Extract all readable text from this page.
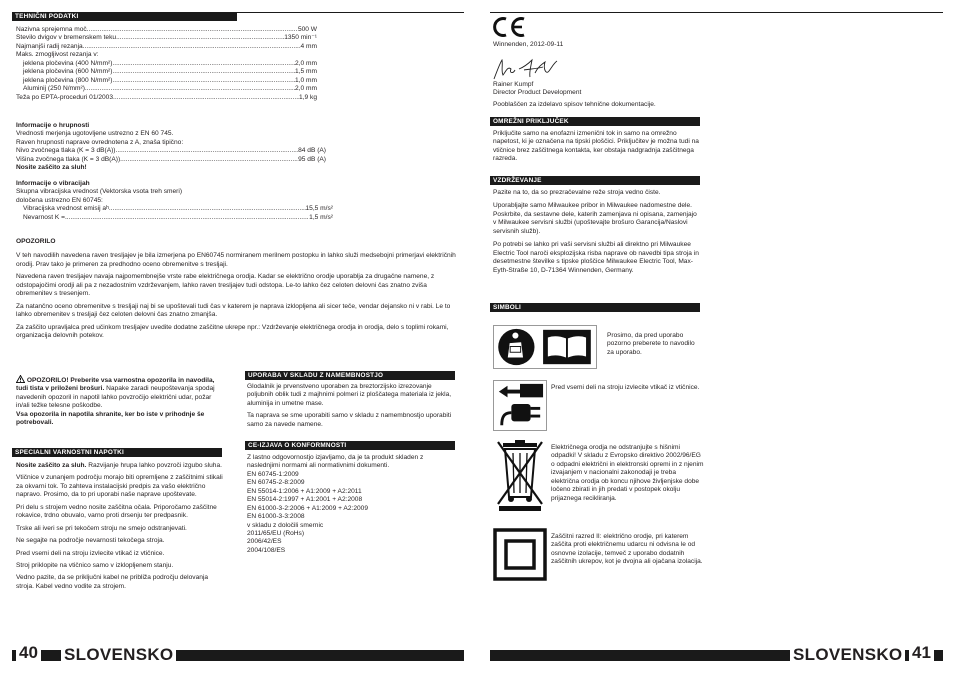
TEHNIČNI PODATKI
Nazivna sprejemna moč .....	500 W
Število dvigov v bremenskem teku .....	1350 min⁻¹
Najmanjši radij rezanja .....	4 mm
Maks. zmogljivost rezanja v:
jeklena pločevina (400 N/mm²) .....	2,0 mm
jeklena pločevina (600 N/mm²) .....	1,5 mm
jeklena pločevina (800 N/mm²) .....	1,0 mm
Aluminij (250 N/mm²) .....	2,0 mm
Teža po EPTA-proceduri 01/2003 .....	1,9 kg

Informacije o hrupnosti

Vrednosti merjenja ugotovljene ustrezno z EN 60 745.

Raven hrupnosti naprave ovrednotena z A, znaša tipično:

Nivo zvočnega tlaka (K = 3 dB(A)) .....	84 dB (A)
Višina zvočnega tlaka (K = 3 dB(A)) .....	95 dB (A)

Nosite zaščito za sluh!

Informacije o vibracijah

Skupna vibracijska vrednost (Vektorska vsota treh smeri)

določena ustrezno EN 60745:

Vibracijska vrednost emisij a h .....	15,5 m/s²
Nevarnost K = .....	1,5 m/s²

OPOZORILO

V teh navodilih navedena raven tresljajev je bila izmerjena po EN60745 normiranem merilnem postopku in lahko služi medsebojni primerjavi električnih orodij. Prav tako je primeren za predhodno oceno obremenitve s tresljaji.

Navedena raven tresljajev navaja najpomembnejše vrste rabe električnega orodja. Kadar se električno orodje uporablja za drugačne namene, z odstopajočimi orodji ali pa z nezadostnim vzdrževanjem, lahko raven tresljajev tudi odstopa. Le-to lahko čez celoten delovni čas znatno zviša obremenitev s tresenjem.

Za natančno oceno obremenitve s tresljaji naj bi se upoštevali tudi čas v katerem je naprava izklopljena ali sicer teče, vendar dejansko ni v rabi. Le to lahko obremenitev s tresljaji čez celoten delovni čas znatno zmanjša.

Za zaščito upravljalca pred učinkom tresljajev uvedite dodatne zaščitne ukrepe npr.: Vzdrževanje električnega orodja in orodja, delo s toplimi rokami, organizacija delovnih potekov.

OPOZORILO! Preberite vsa varnostna opozorila in navodila, tudi tista v priloženi brošuri. Napake zaradi neupoštevanja spodaj navedenih opozoril in napotil lahko povzročijo električni udar, požar in/ali težke telesne poškodbe.

Vsa opozorila in napotila shranite, ker bo iste v prihodnje še potrebovali.

SPECIALNI VARNOSTNI NAPOTKI

Nosite zaščito za sluh. Razvijanje hrupa lahko povzroči izgubo sluha.

Vtičnice v zunanjem področju morajo biti opremljene z zaščitnimi stikali za okvarni tok. To zahteva instalacijski predpis za vašo električno napravo. Prosimo, da to pri uporabi naše naprave upoštevate.

Pri delu s strojem vedno nosite zaščitna očala. Priporočamo zaščitne rokavice, trdno obuvalo, varno proti drsenju ter predpasnik.

Trske ali iveri se pri tekočem stroju ne smejo odstranjevati.

Ne segajte na področje nevarnosti tekočega stroja.

Pred vsemi deli na stroju izvlecite vtikač iz vtičnice.

Stroj priklopite na vtičnico samo v izklopljenem stanju.

Vedno pazite, da se priključni kabel ne približa področju delovanja stroja. Kabel vedno vodite za strojem.

UPORABA V SKLADU Z NAMEMBNOSTJO

Glodalnik je prvenstveno uporaben za breztorzijsko izrezovanje poljubnih oblik tudi z majhnimi polmeri iz ploščatega materiala iz jekla, aluminija in umetne mase.

Ta naprava se sme uporabiti samo v skladu z namembnostjo uporabiti samo za navede namene.

CE-IZJAVA O KONFORMNOSTI

Z lastno odgovornostjo izjavljamo, da je ta produkt skladen z naslednjimi normami ali normativnimi dokumenti.

EN 60745-1:2009

EN 60745-2-8:2009

EN 55014-1:2006 + A1:2009 + A2:2011

EN 55014-2:1997 + A1:2001 + A2:2008

EN 61000-3-2:2006 + A1:2009 + A2:2009

EN 61000-3-3:2008

v skladu z določili smernic

2011/65/EU (RoHs)

2006/42/ES

2004/108/ES

40 SLOVENSKO
Winnenden, 2012-09-11

Rainer Kumpf

Director Product Development

Pooblaščen za izdelavo spisov tehnične dokumentacije.

OMREŽNI PRIKLJUČEK
Priključite samo na enofazni izmenični tok in samo na omrežno napetost, ki je označena na tipski ploščici. Priključitev je možna tudi na vtičnice brez zaščitnega kontakta, ker obstaja nadgradnja zaščitnega razreda.
VZDRŽEVANJE

Pazite na to, da so prezračevalne reže stroja vedno čiste.

Uporabljajte samo Milwaukee pribor in Milwaukee nadomestne dele. Poskrbite, da sestavne dele, katerih zamenjava ni opisana, zamenjajo v Milwaukee servisni službi (upoštevajte brošuro Garancija/Naslovi servisnih služb).

Po potrebi se lahko pri vaši servisni službi ali direktno pri Milwaukee Electric Tool naroči eksplozijska risba naprave ob navedbi tipa stroja in desetmestne številke s tipske ploščice Milwaukee Electric Tool, Max-Eyth-Straße 10, D-71364 Winnenden, Germany.

SIMBOLI
Prosimo, da pred uporabo pozorno preberete to navodilo za uporabo.
Pred vsemi deli na stroju izvlecite vtikač iz vtičnice.
Električnega orodja ne odstranjujte s hišnimi odpadki! V skladu z Evropsko direktivo 2002/96/EG o odpadni električni in elektronski opremi in z njenim izvajanjem v nacionalni zakonodaji je treba električna orodja ob koncu njihove življenjske dobe ločeno zbirati in jih predati v postopek okolju prijaznega recikliranja.
Zaščitni razred II: električno orodje, pri katerem zaščita proti električnemu udarcu ni odvisna le od osnovne izolacije, temveč z uporabo dodatnih zaščitnih ukrepov, kot je dvojna ali ojačana izolacija.
SLOVENSKO 41
